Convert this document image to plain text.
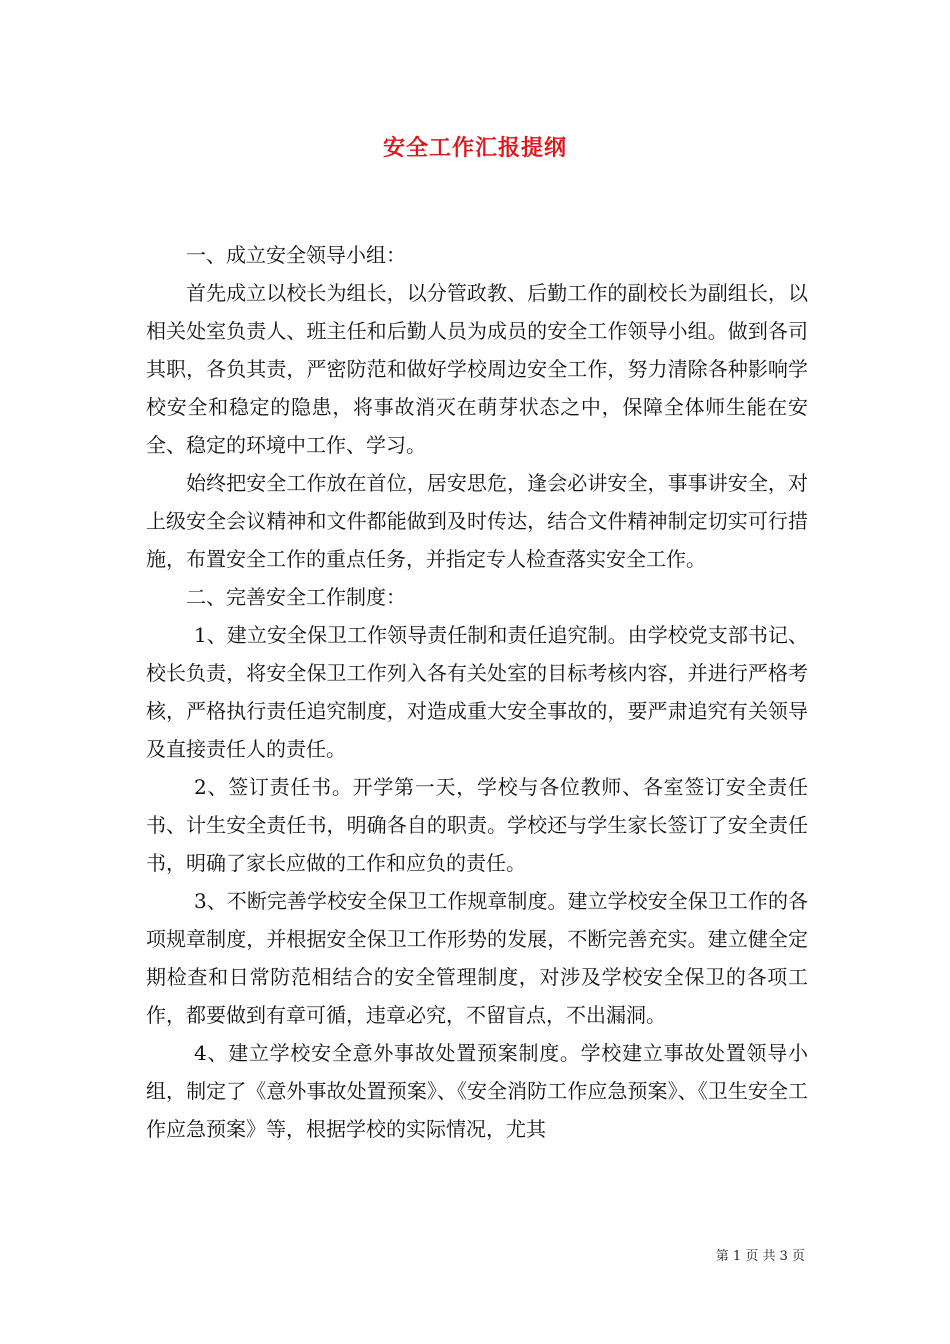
安全工作汇报提纲

一、成立安全领导小组：

首先成立以校长为组长，以分管政教、后勤工作的副校长为副组长，以相关处室负责人、班主任和后勤人员为成员的安全工作领导小组。做到各司其职，各负其责，严密防范和做好学校周边安全工作，努力清除各种影响学校安全和稳定的隐患，将事故消灭在萌芽状态之中，保障全体师生能在安全、稳定的环境中工作、学习。

始终把安全工作放在首位，居安思危，逢会必讲安全，事事讲安全，对上级安全会议精神和文件都能做到及时传达，结合文件精神制定切实可行措施，布置安全工作的重点任务，并指定专人检查落实安全工作。

二、完善安全工作制度：

1、建立安全保卫工作领导责任制和责任追究制。由学校党支部书记、校长负责，将安全保卫工作列入各有关处室的目标考核内容，并进行严格考核，严格执行责任追究制度，对造成重大安全事故的，要严肃追究有关领导及直接责任人的责任。

2、签订责任书。开学第一天，学校与各位教师、各室签订安全责任书、计生安全责任书，明确各自的职责。学校还与学生家长签订了安全责任书，明确了家长应做的工作和应负的责任。

3、不断完善学校安全保卫工作规章制度。建立学校安全保卫工作的各项规章制度，并根据安全保卫工作形势的发展，不断完善充实。建立健全定期检查和日常防范相结合的安全管理制度，对涉及学校安全保卫的各项工作，都要做到有章可循，违章必究，不留盲点，不出漏洞。

4、建立学校安全意外事故处置预案制度。学校建立事故处置领导小组，制定了《意外事故处置预案》、《安全消防工作应急预案》、《卫生安全工作应急预案》等，根据学校的实际情况，尤其

第 1 页 共 3 页
